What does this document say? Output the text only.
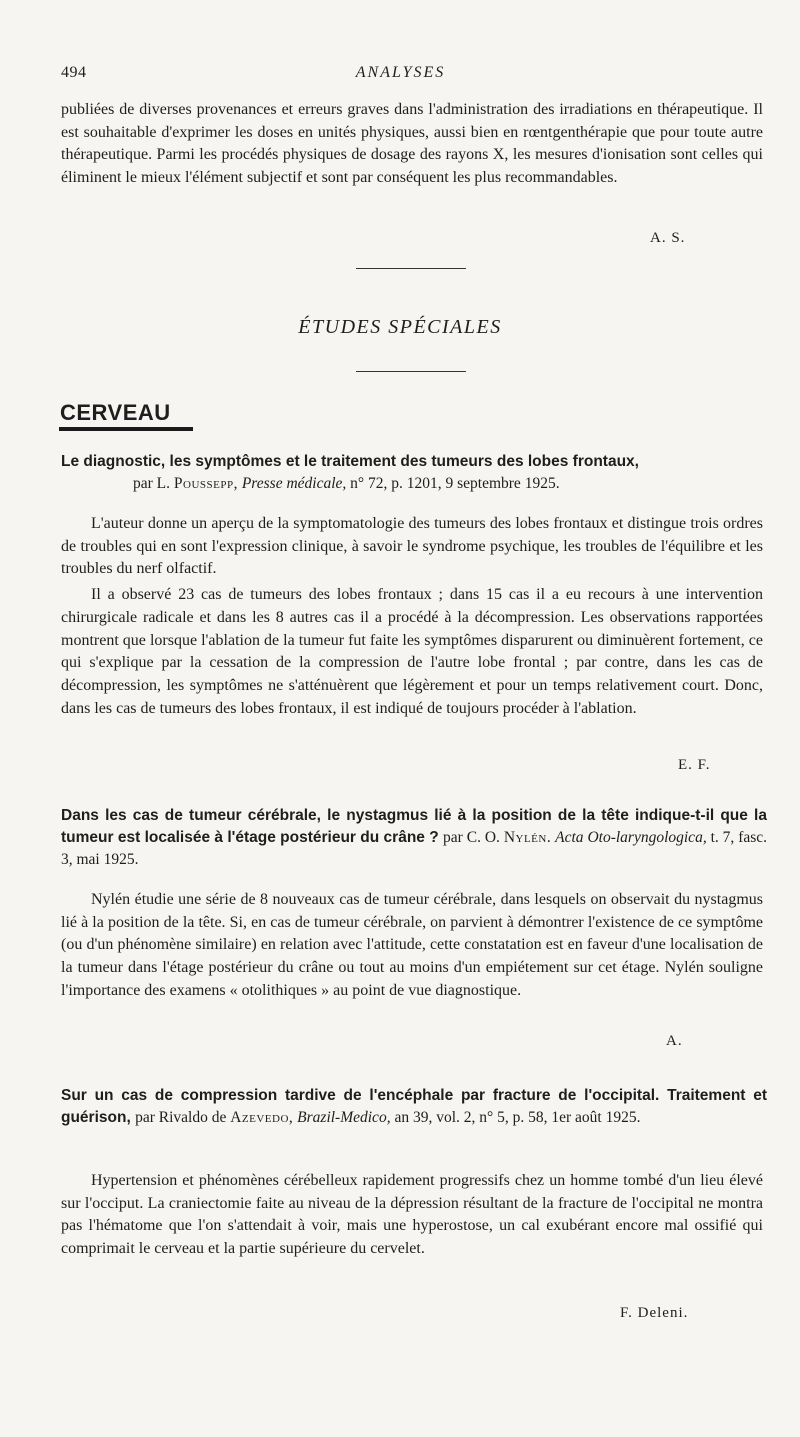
494	ANALYSES

publiées de diverses provenances et erreurs graves dans l'administration des irradiations en thérapeutique. Il est souhaitable d'exprimer les doses en unités physiques, aussi bien en rœntgenthérapie que pour toute autre thérapeutique. Parmi les procédés physiques de dosage des rayons X, les mesures d'ionisation sont celles qui éliminent le mieux l'élément subjectif et sont par conséquent les plus recommandables.

A. S.
ÉTUDES SPÉCIALES
CERVEAU
Le diagnostic, les symptômes et le traitement des tumeurs des lobes frontaux,
par L. Poussepp, Presse médicale, n° 72, p. 1201, 9 septembre 1925.

L'auteur donne un aperçu de la symptomatologie des tumeurs des lobes frontaux et distingue trois ordres de troubles qui en sont l'expression clinique, à savoir le syndrome psychique, les troubles de l'équilibre et les troubles du nerf olfactif.

Il a observé 23 cas de tumeurs des lobes frontaux ; dans 15 cas il a eu recours à une intervention chirurgicale radicale et dans les 8 autres cas il a procédé à la décompression. Les observations rapportées montrent que lorsque l'ablation de la tumeur fut faite les symptômes disparurent ou diminuèrent fortement, ce qui s'explique par la cessation de la compression de l'autre lobe frontal ; par contre, dans les cas de décompression, les symptômes ne s'atténuèrent que légèrement et pour un temps relativement court. Donc, dans les cas de tumeurs des lobes frontaux, il est indiqué de toujours procéder à l'ablation.

E. F.
Dans les cas de tumeur cérébrale, le nystagmus lié à la position de la tête indique-t-il que la tumeur est localisée à l'étage postérieur du crâne ? par C. O. Nylén. Acta Oto-laryngologica, t. 7, fasc. 3, mai 1925.

Nylén étudie une série de 8 nouveaux cas de tumeur cérébrale, dans lesquels on observait du nystagmus lié à la position de la tête. Si, en cas de tumeur cérébrale, on parvient à démontrer l'existence de ce symptôme (ou d'un phénomène similaire) en relation avec l'attitude, cette constatation est en faveur d'une localisation de la tumeur dans l'étage postérieur du crâne ou tout au moins d'un empiétement sur cet étage. Nylén souligne l'importance des examens « otolithiques » au point de vue diagnostique.

A.
Sur un cas de compression tardive de l'encéphale par fracture de l'occipital. Traitement et guérison, par Rivaldo de Azevedo, Brazil-Medico, an 39, vol. 2, n° 5, p. 58, 1er août 1925.

Hypertension et phénomènes cérébelleux rapidement progressifs chez un homme tombé d'un lieu élevé sur l'occiput. La craniectomie faite au niveau de la dépression résultant de la fracture de l'occipital ne montra pas l'hématome que l'on s'attendait à voir, mais une hyperostose, un cal exubérant encore mal ossifié qui comprimait le cerveau et la partie supérieure du cervelet.

F. Deleni.
